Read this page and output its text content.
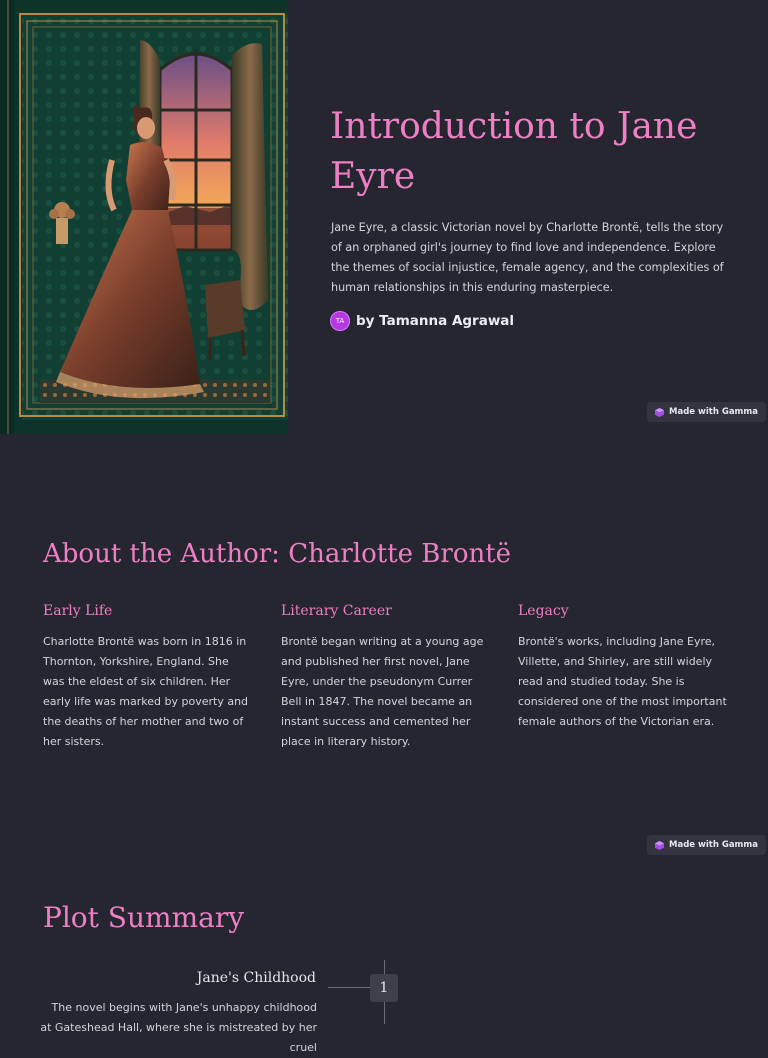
Introduction to Jane Eyre

Jane Eyre, a classic Victorian novel by Charlotte Brontë, tells the story of an orphaned girl's journey to find love and independence. Explore the themes of social injustice, female agency, and the complexities of human relationships in this enduring masterpiece.

TA by Tamanna Agrawal
Made with Gamma
About the Author: Charlotte Brontë
Early Life

Charlotte Brontë was born in 1816 in Thornton, Yorkshire, England. She was the eldest of six children. Her early life was marked by poverty and the deaths of her mother and two of her sisters.

Literary Career

Brontë began writing at a young age and published her first novel, Jane Eyre, under the pseudonym Currer Bell in 1847. The novel became an instant success and cemented her place in literary history.

Legacy

Brontë's works, including Jane Eyre, Villette, and Shirley, are still widely read and studied today. She is considered one of the most important female authors of the Victorian era.

Made with Gamma
Plot Summary
1
Jane's Childhood

The novel begins with Jane's unhappy childhood at Gateshead Hall, where she is mistreated by her cruel
